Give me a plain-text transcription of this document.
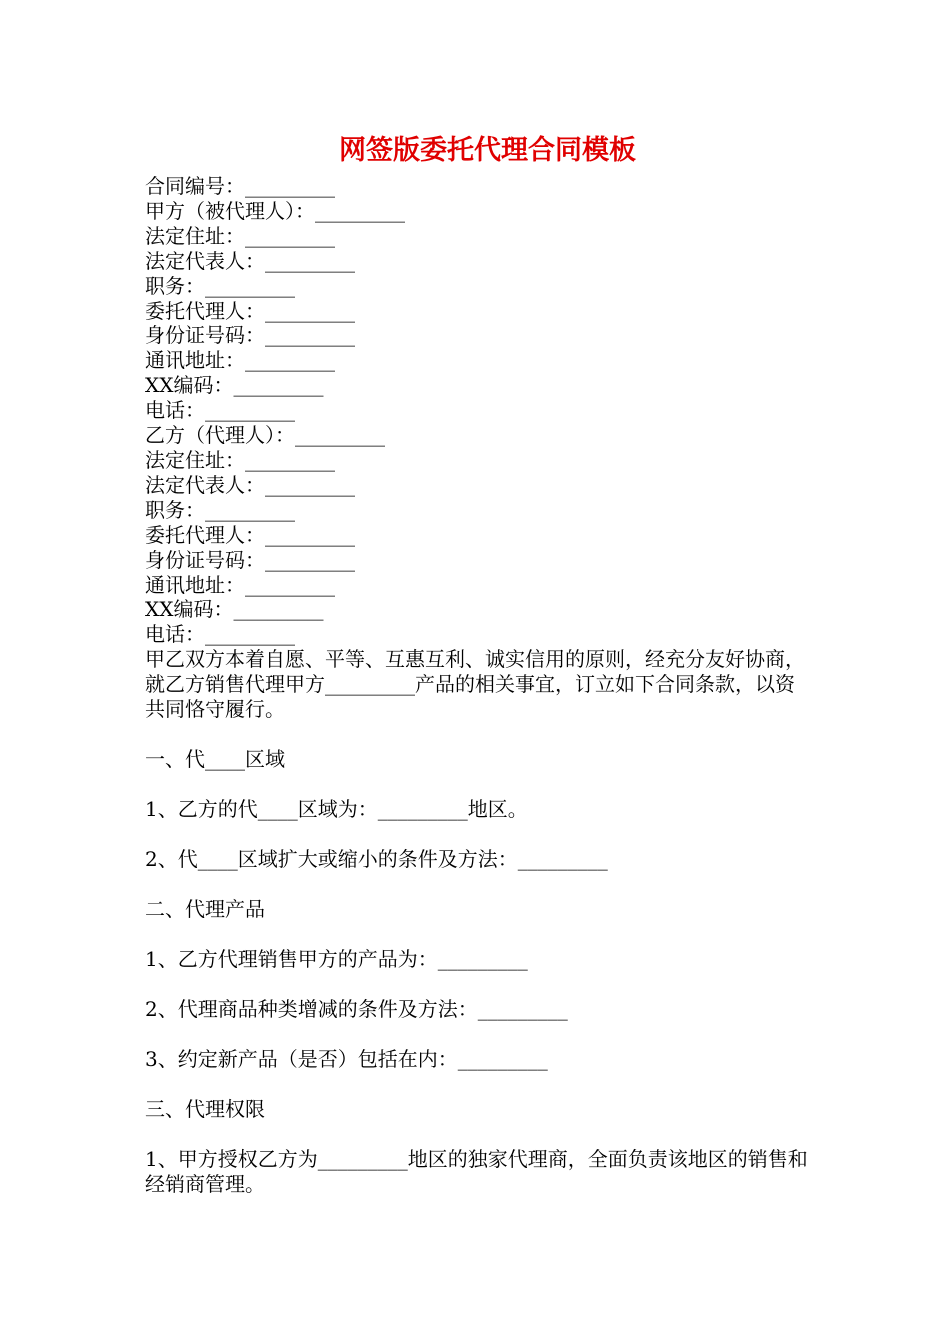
网签版委托代理合同模板
合同编号：_________
甲方（被代理人）：_________
法定住址：_________
法定代表人：_________
职务：_________
委托代理人：_________
身份证号码：_________
通讯地址：_________
XX编码：_________
电话：_________
乙方（代理人）：_________
法定住址：_________
法定代表人：_________
职务：_________
委托代理人：_________
身份证号码：_________
通讯地址：_________
XX编码：_________
电话：_________

甲乙双方本着自愿、平等、互惠互利、诚实信用的原则，经充分友好协商，就乙方销售代理甲方_________产品的相关事宜，订立如下合同条款，以资共同恪守履行。

一、代____区域

1、乙方的代____区域为：_________地区。

2、代____区域扩大或缩小的条件及方法：_________

二、代理产品

1、乙方代理销售甲方的产品为：_________

2、代理商品种类增减的条件及方法：_________

3、约定新产品（是否）包括在内：_________

三、代理权限

1、甲方授权乙方为_________地区的独家代理商，全面负责该地区的销售和经销商管理。
